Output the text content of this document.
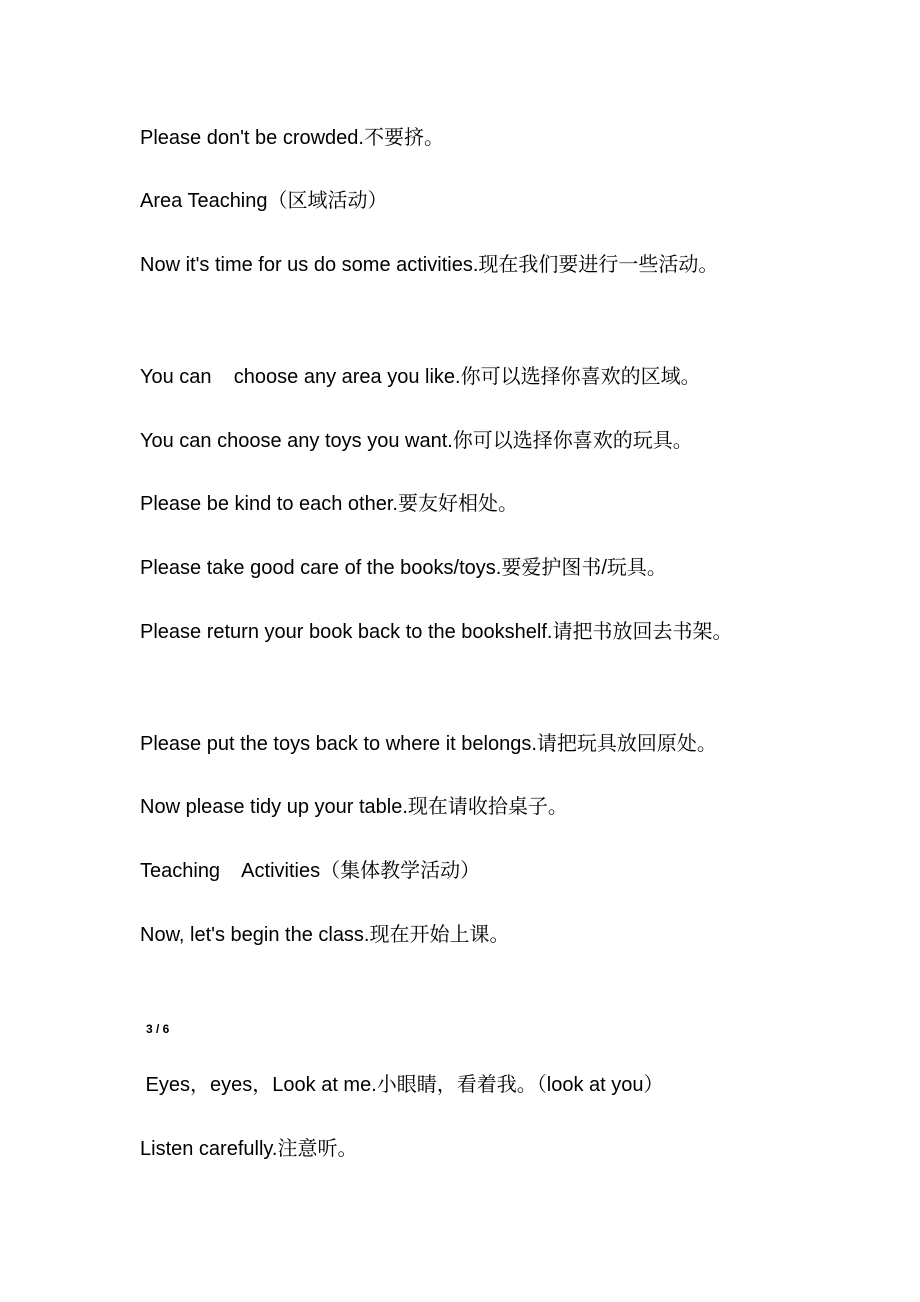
Please don't be crowded.不要挤。
Area Teaching（区域活动）
Now it's time for us do some activities.现在我们要进行一些活动。
You can    choose any area you like.你可以选择你喜欢的区域。
You can choose any toys you want.你可以选择你喜欢的玩具。
Please be kind to each other.要友好相处。
Please take good care of the books/toys.要爱护图书/玩具。
Please return your book back to the bookshelf.请把书放回去书架。
Please put the toys back to where it belongs.请把玩具放回原处。
Now please tidy up your table.现在请收拾桌子。
Teaching    Activities（集体教学活动）
Now, let's begin the class.现在开始上课。
3 / 6
Eyes，eyes，Look at me.小眼睛，看着我。（look at you）
Listen carefully.注意听。
